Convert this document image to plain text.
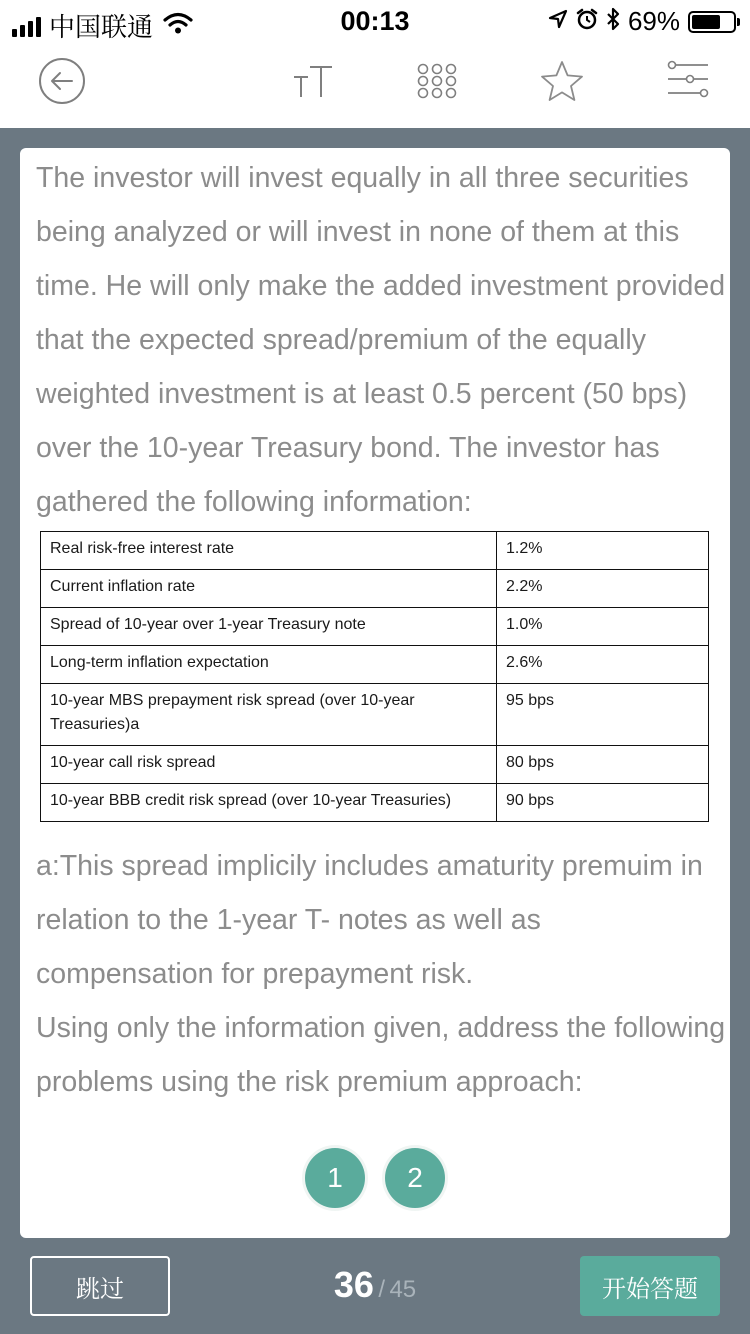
中国联通	00:13	69%
The investor will invest equally in all three securities being analyzed or will invest in none of them at this time. He will only make the added investment provided that the expected spread/premium of the equally weighted investment is at least 0.5 percent (50 bps) over the 10-year Treasury bond. The investor has gathered the following information:
Real risk-free interest rate	1.2%
Current inflation rate	2.2%
Spread of 10-year over 1-year Treasury note	1.0%
Long-term inflation expectation	2.6%
10-year MBS prepayment risk spread (over 10-year Treasuries)a	95 bps
10-year call risk spread	80 bps
10-year BBB credit risk spread (over 10-year Treasuries)	90 bps
a:This spread implicily includes amaturity premuim in relation to the 1-year T- notes as well as compensation for prepayment risk.
Using only the information given, address the following problems using the risk premium approach:
1	2
跳过	36 / 45	开始答题
